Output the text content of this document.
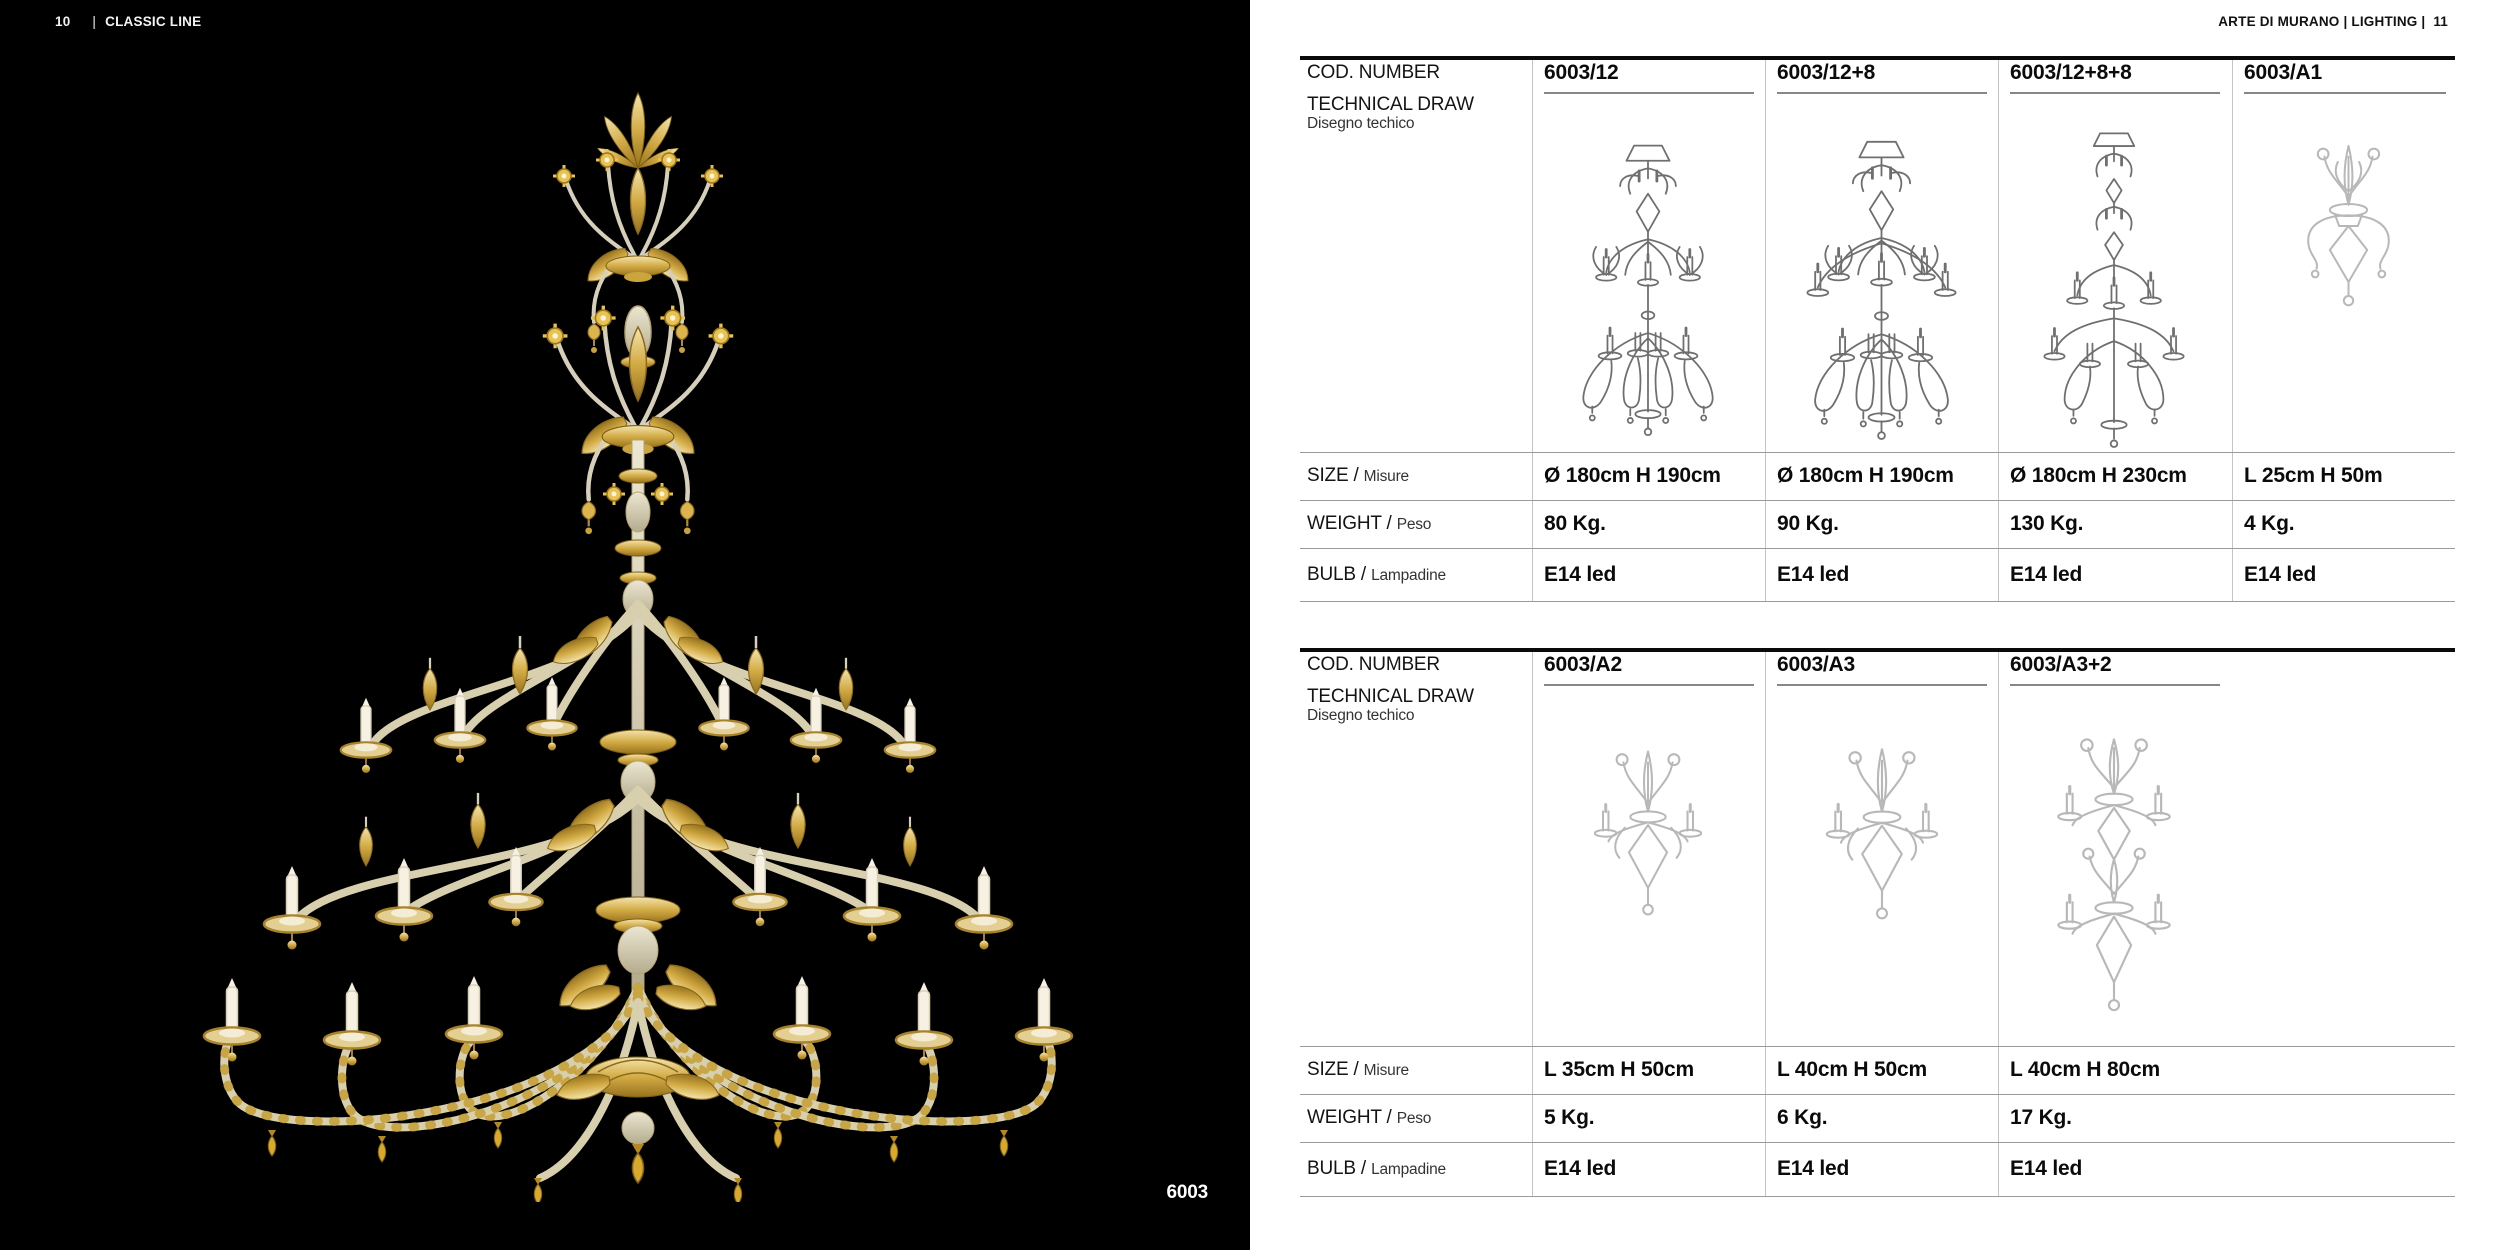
10 | CLASSIC LINE
6003
ARTE DI MURANO | LIGHTING |  11
COD. NUMBER
TECHNICAL DRAW
Disegno techico
6003/12	6003/12+8	6003/12+8+8	6003/A1
SIZE / Misure	Ø 180cm H 190cm	Ø 180cm H 190cm	Ø 180cm H 230cm	L 25cm H 50m
WEIGHT / Peso	80 Kg.	90 Kg.	130 Kg.	4 Kg.
BULB / Lampadine	E14 led	E14 led	E14 led	E14 led
COD. NUMBER
TECHNICAL DRAW
Disegno techico
6003/A2	6003/A3	6003/A3+2
SIZE / Misure	L 35cm H 50cm	L 40cm H 50cm	L 40cm H 80cm
WEIGHT / Peso	5 Kg.	6 Kg.	17 Kg.
BULB / Lampadine	E14 led	E14 led	E14 led
